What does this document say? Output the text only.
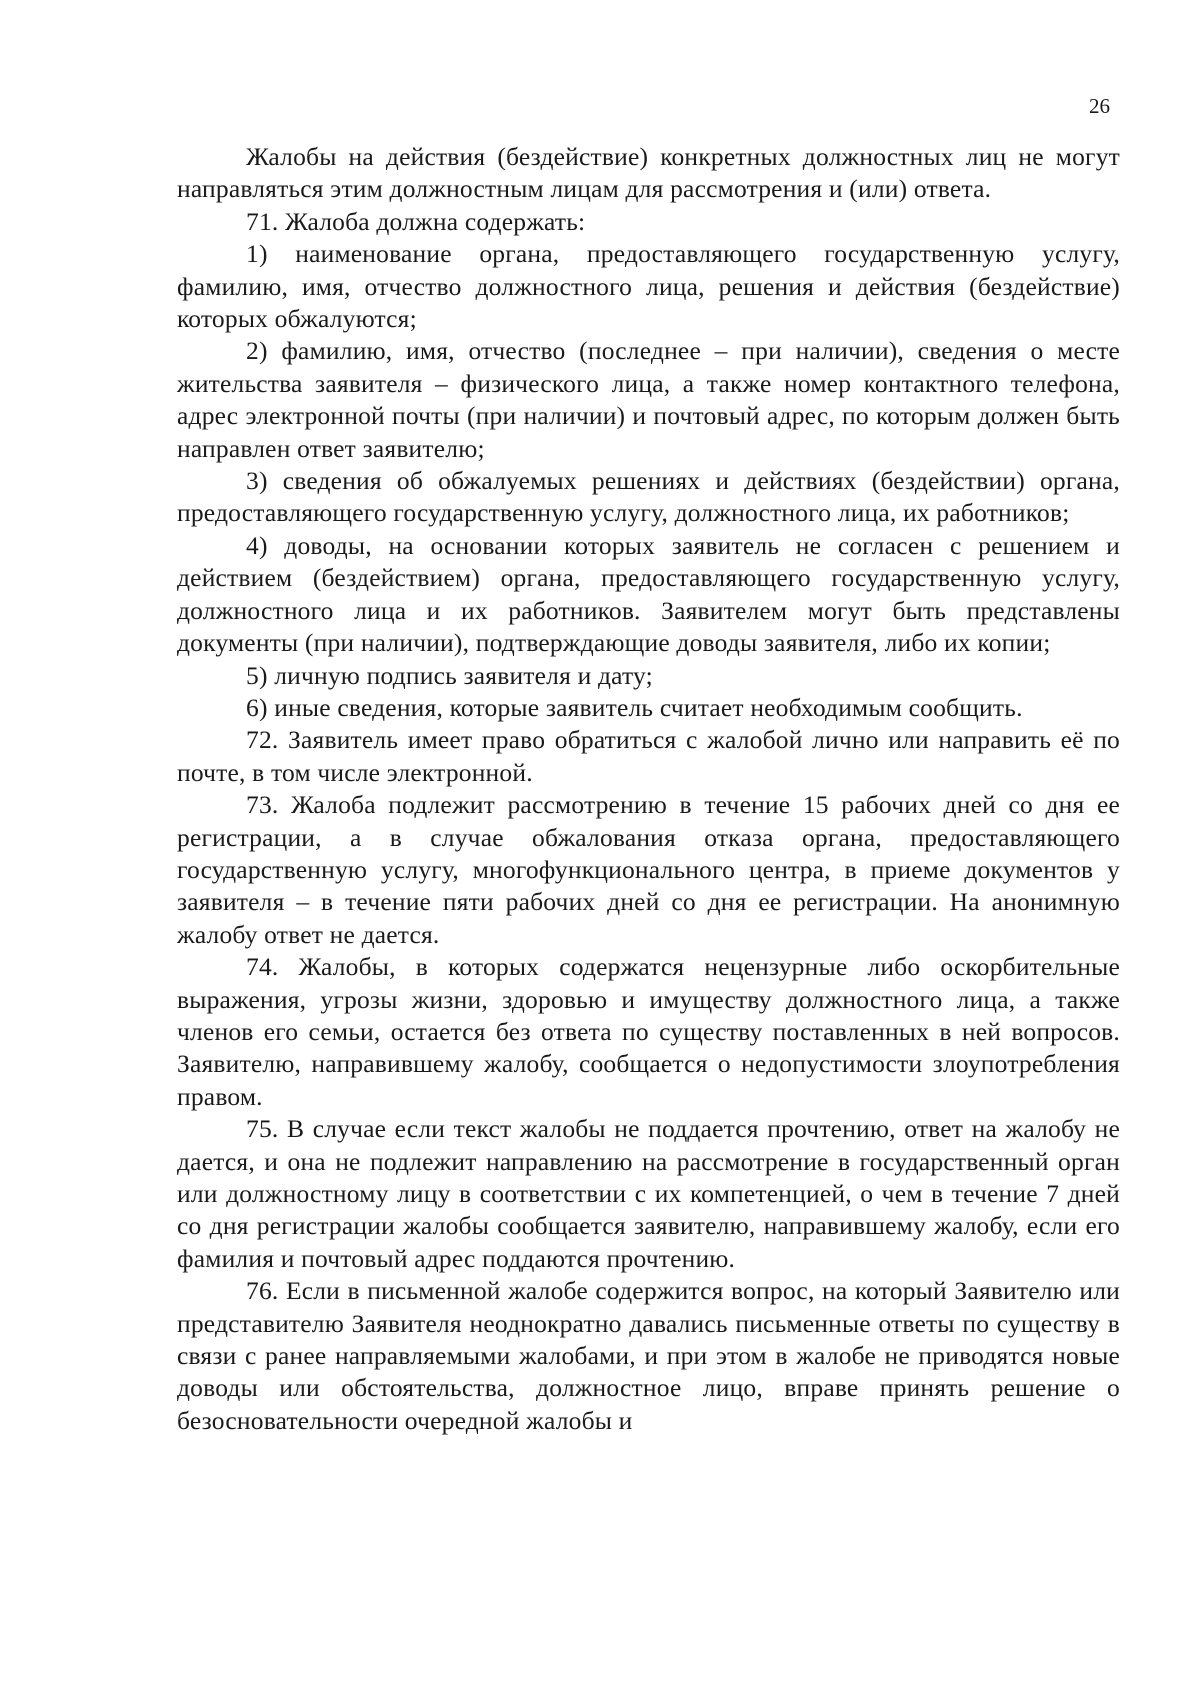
26

Жалобы на действия (бездействие) конкретных должностных лиц не могут направляться этим должностным лицам для рассмотрения и (или) ответа.

71. Жалоба должна содержать:

1) наименование органа, предоставляющего государственную услугу, фамилию, имя, отчество должностного лица, решения и действия (бездействие) которых обжалуются;

2) фамилию, имя, отчество (последнее – при наличии), сведения о месте жительства заявителя – физического лица, а также номер контактного телефона, адрес электронной почты (при наличии) и почтовый адрес, по которым должен быть направлен ответ заявителю;

3) сведения об обжалуемых решениях и действиях (бездействии) органа, предоставляющего государственную услугу, должностного лица, их работников;

4) доводы, на основании которых заявитель не согласен с решением и действием (бездействием) органа, предоставляющего государственную услугу, должностного лица и их работников. Заявителем могут быть представлены документы (при наличии), подтверждающие доводы заявителя, либо их копии;

5) личную подпись заявителя и дату;

6) иные сведения, которые заявитель считает необходимым сообщить.

72. Заявитель имеет право обратиться с жалобой лично или направить её по почте, в том числе электронной.

73. Жалоба подлежит рассмотрению в течение 15 рабочих дней со дня ее регистрации, а в случае обжалования отказа органа, предоставляющего государственную услугу, многофункционального центра, в приеме документов у заявителя – в течение пяти рабочих дней со дня ее регистрации. На анонимную жалобу ответ не дается.

74. Жалобы, в которых содержатся нецензурные либо оскорбительные выражения, угрозы жизни, здоровью и имуществу должностного лица, а также членов его семьи, остается без ответа по существу поставленных в ней вопросов. Заявителю, направившему жалобу, сообщается о недопустимости злоупотребления правом.

75. В случае если текст жалобы не поддается прочтению, ответ на жалобу не дается, и она не подлежит направлению на рассмотрение в государственный орган или должностному лицу в соответствии с их компетенцией, о чем в течение 7 дней со дня регистрации жалобы сообщается заявителю, направившему жалобу, если его фамилия и почтовый адрес поддаются прочтению.

76. Если в письменной жалобе содержится вопрос, на который Заявителю или представителю Заявителя неоднократно давались письменные ответы по существу в связи с ранее направляемыми жалобами, и при этом в жалобе не приводятся новые доводы или обстоятельства, должностное лицо, вправе принять решение о безосновательности очередной жалобы и
